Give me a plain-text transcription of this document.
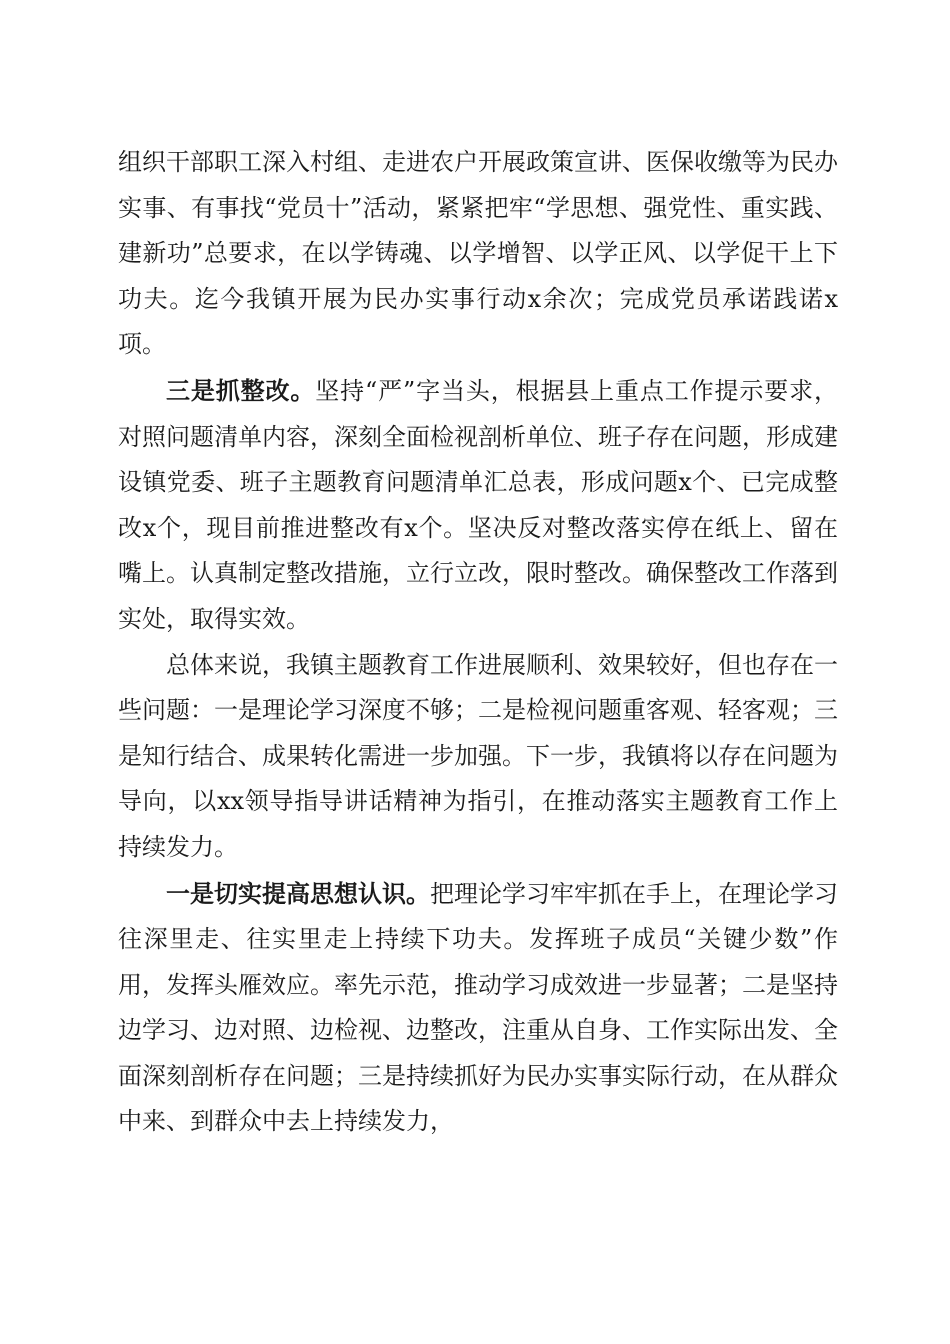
组织干部职工深入村组、走进农户开展政策宣讲、医保收缴等为民办实事、有事找“党员十”活动，紧紧把牢“学思想、强党性、重实践、建新功”总要求，在以学铸魂、以学增智、以学正风、以学促干上下功夫。迄今我镇开展为民办实事行动x余次；完成党员承诺践诺x项。

三是抓整改。坚持“严”字当头，根据县上重点工作提示要求，对照问题清单内容，深刻全面检视剖析单位、班子存在问题，形成建设镇党委、班子主题教育问题清单汇总表，形成问题x个、已完成整改x个，现目前推进整改有x个。坚决反对整改落实停在纸上、留在嘴上。认真制定整改措施，立行立改，限时整改。确保整改工作落到实处，取得实效。

总体来说，我镇主题教育工作进展顺利、效果较好，但也存在一些问题：一是理论学习深度不够；二是检视问题重客观、轻客观；三是知行结合、成果转化需进一步加强。下一步，我镇将以存在问题为导向，以xx领导指导讲话精神为指引，在推动落实主题教育工作上持续发力。

一是切实提高思想认识。把理论学习牢牢抓在手上，在理论学习往深里走、往实里走上持续下功夫。发挥班子成员“关键少数”作用，发挥头雁效应。率先示范，推动学习成效进一步显著；二是坚持边学习、边对照、边检视、边整改，注重从自身、工作实际出发、全面深刻剖析存在问题；三是持续抓好为民办实事实际行动，在从群众中来、到群众中去上持续发力，
